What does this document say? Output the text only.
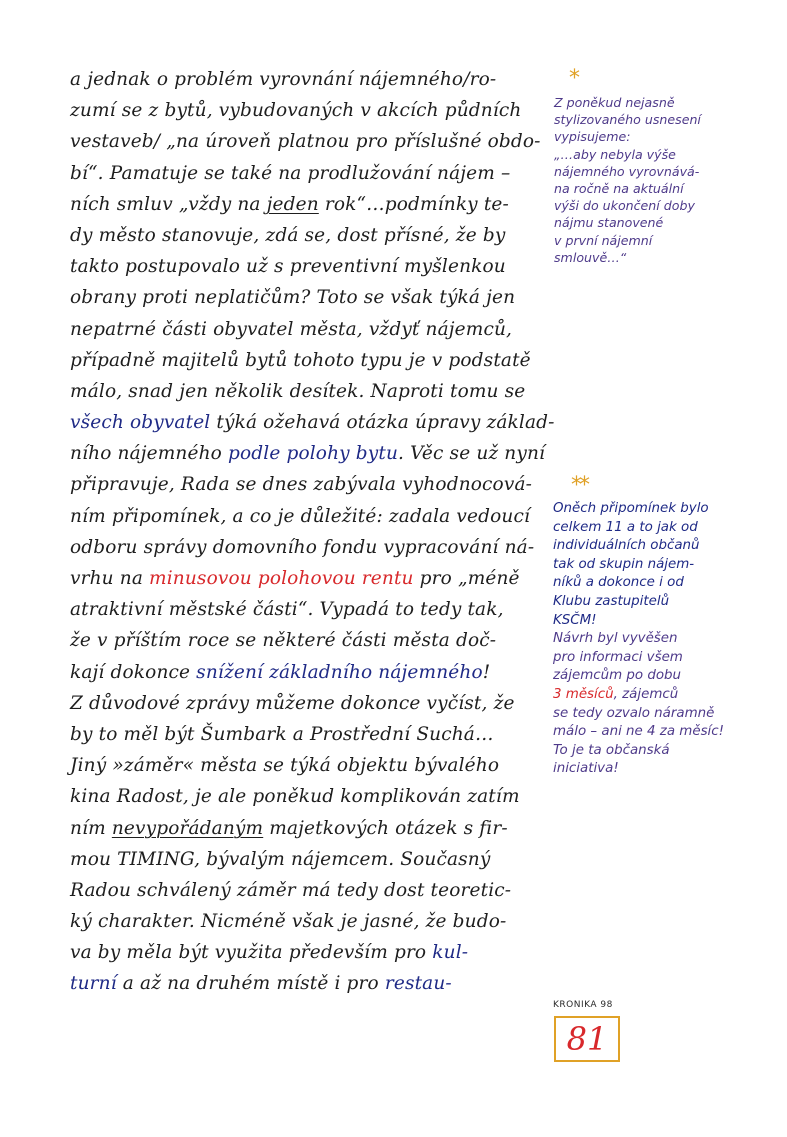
a jednak o problém vyrovnání nájemného/ro-
zumí se z bytů, vybudovaných v akcích půdních
vestaveb/ „na úroveň platnou pro příslušné obdo-
bí“. Pamatuje se také na prodlužování nájem –
ních smluv „vždy na jeden rok“…podmínky te-
dy město stanovuje, zdá se, dost přísné, že by
takto postupovalo už s preventivní myšlenkou
obrany proti neplatičům? Toto se však týká jen
nepatrné části obyvatel města, vždyť nájemců,
případně majitelů bytů tohoto typu je v podstatě
málo, snad jen několik desítek. Naproti tomu se
všech obyvatel týká ožehavá otázka úpravy základ-
ního nájemného podle polohy bytu. Věc se už nyní
připravuje, Rada se dnes zabývala vyhodnocová-
ním připomínek, a co je důležité: zadala vedoucí
odboru správy domovního fondu vypracování ná-
vrhu na minusovou polohovou rentu pro „méně
atraktivní městské části“. Vypadá to tedy tak,
že v příštím roce se některé části města doč-
kají dokonce snížení základního nájemného!
Z důvodové zprávy můžeme dokonce vyčíst, že
by to měl být Šumbark a Prostřední Suchá…
Jiný »záměr« města se týká objektu bývalého
kina Radost, je ale poněkud komplikován zatím
ním nevypořádaným majetkových otázek s fir-
mou TIMING, bývalým nájemcem. Současný
Radou schválený záměr má tedy dost teoretic-
ký charakter. Nicméně však je jasné, že budo-
va by měla být využita především pro kul-
turní a až na druhém místě i pro restau-
*
Z poněkud nejasně
stylizovaného usnesení
vypisujeme:
„…aby nebyla výše
nájemného vyrovnává-
na ročně na aktuální
výši do ukončení doby
nájmu stanovené
v první nájemní
smlouvě…“
**
Oněch připomínek bylo
celkem 11 a to jak od
individuálních občanů
tak od skupin nájem-
níků a dokonce i od
Klubu zastupitelů
KSČM!
Návrh byl vyvěšen
pro informaci všem
zájemcům po dobu
3 měsíců, zájemců
se tedy ozvalo náramně
málo – ani ne 4 za měsíc!
To je ta občanská
iniciativa!
KRONIKA 98
81
